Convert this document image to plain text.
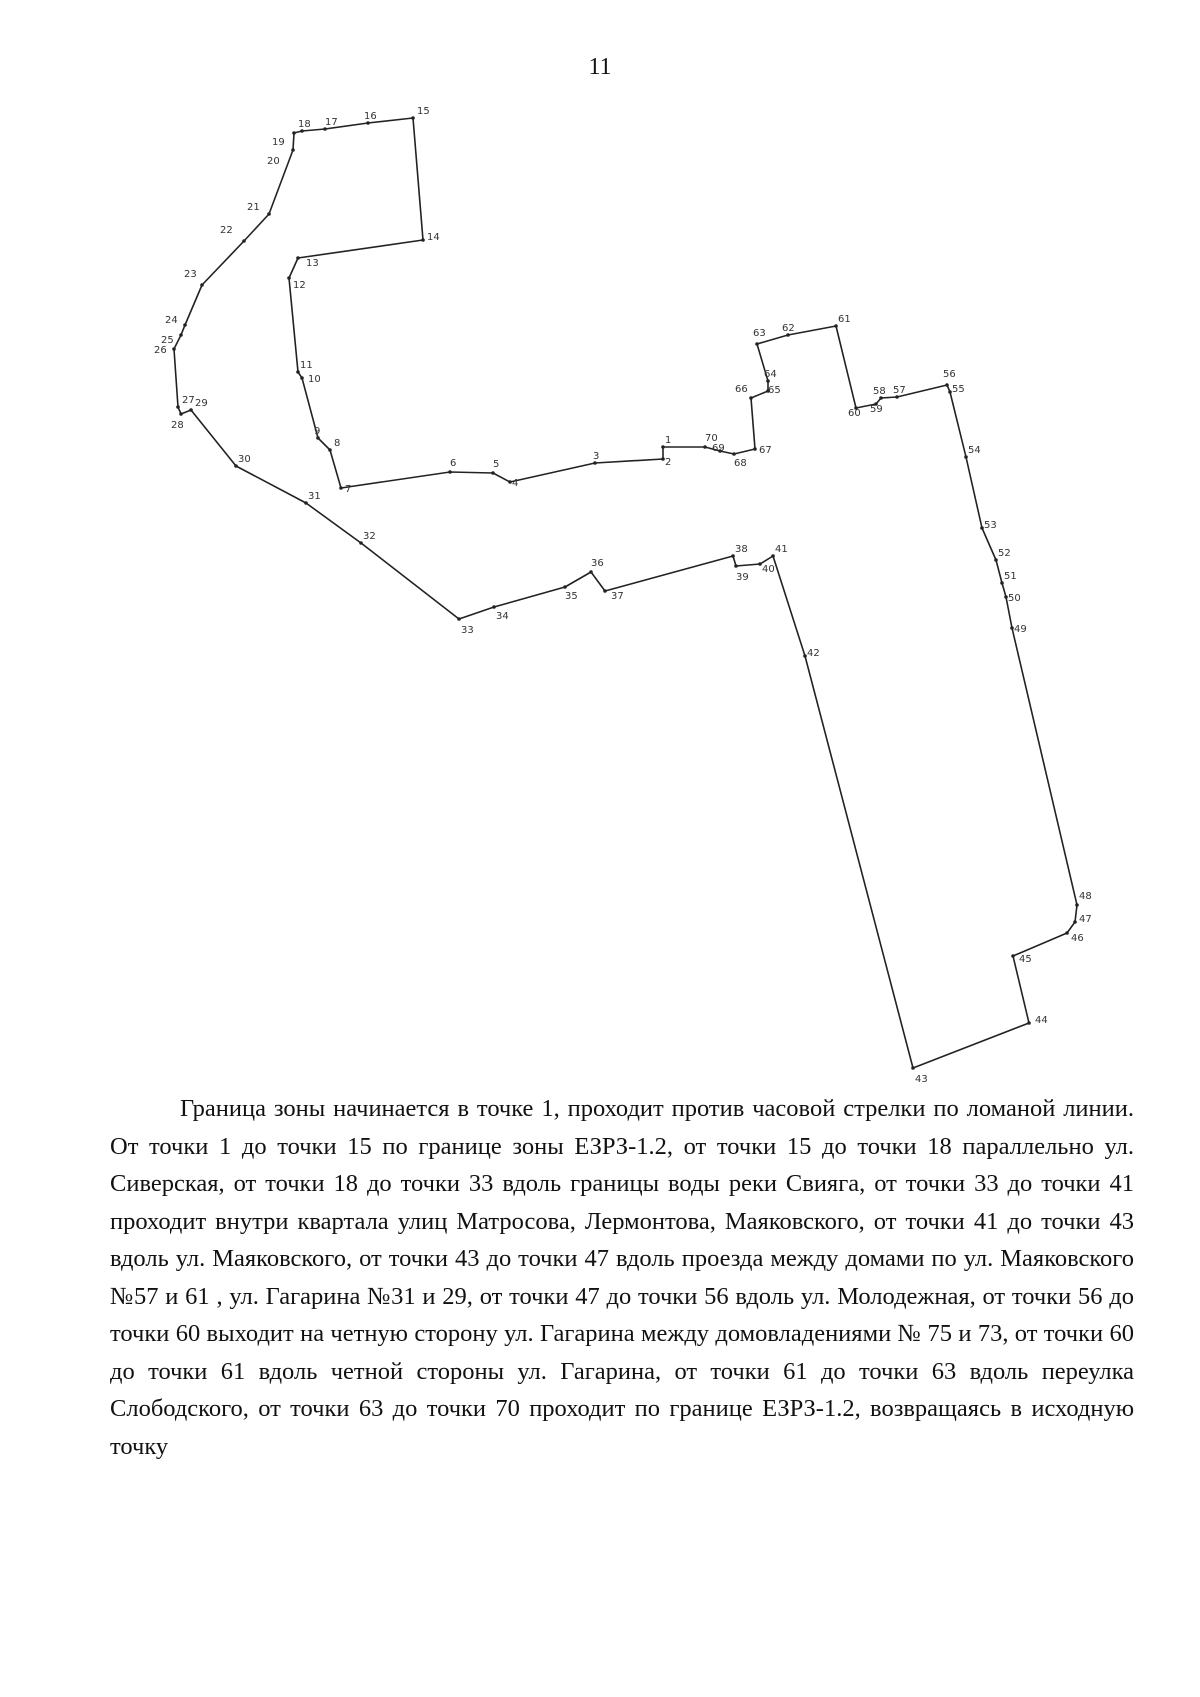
11
1
2
3
4
5
6
7
8
9
10
11
12
13
14
15
16
17
18
19
20
21
22
23
24
25
26
27
28
29
30
31
32
33
34
35
36
37
38
39
40
41
42
43
44
45
46
47
48
49
50
51
52
53
54
55
56
57
58
59
60
61
62
63
64
65
66
67
68
69
70

Граница зоны начинается в точке 1, проходит против часовой стрелки по ломаной линии. От точки 1 до точки 15 по границе зоны ЕЗРЗ-1.2, от точки 15 до точки 18 параллельно ул. Сиверская, от точки 18 до точки 33 вдоль границы воды реки Свияга, от точки 33 до точки 41 проходит внутри квартала улиц Матросова, Лермонтова, Маяковского, от точки 41 до точки 43 вдоль ул. Маяковского, от точки 43 до точки 47 вдоль проезда между домами по ул. Маяковского №57 и 61 , ул. Гагарина №31 и 29, от точки 47 до точки 56 вдоль ул. Молодежная, от точки 56 до точки 60 выходит на четную сторону ул. Гагарина между домовладениями № 75 и 73, от точки 60 до точки 61 вдоль четной стороны ул. Гагарина, от точки 61 до точки 63 вдоль переулка Слободского, от точки 63 до точки 70 проходит по границе ЕЗРЗ-1.2, возвращаясь в исходную точку
